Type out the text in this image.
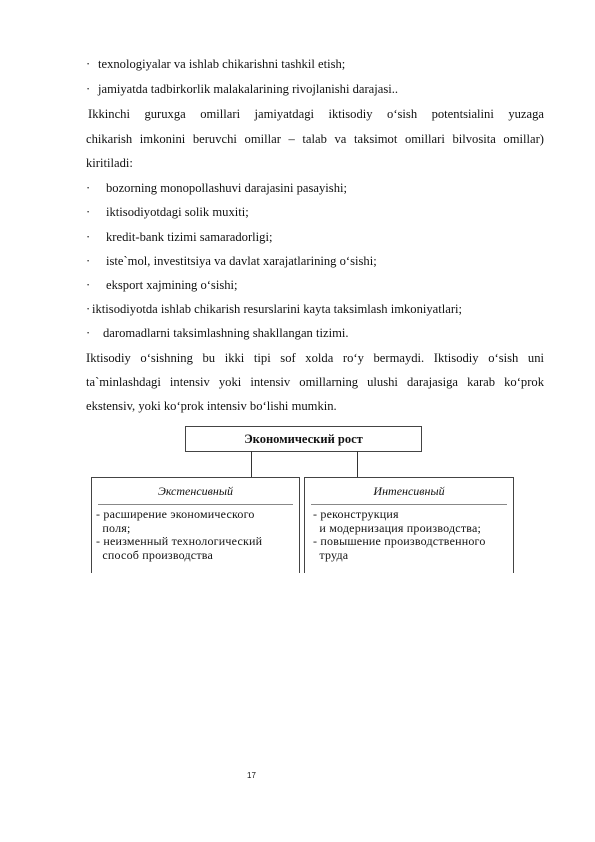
· texnologiyalar va ishlab chikarishni tashkil etish;
· jamiyatda tadbirkorlik malakalarining rivojlanishi darajasi..
Ikkinchi guruxga omillari jamiyatdagi iktisodiy o‘sish potentsialini yuzaga
chikarish imkonini beruvchi omillar – talab va taksimot omillari bilvosita omillar)
kiritiladi:
· bozorning monopollashuvi darajasini pasayishi;
· iktisodiyotdagi solik muxiti;
· kredit-bank tizimi samaradorligi;
· iste`mol, investitsiya va davlat xarajatlarining o‘sishi;
· eksport xajmining o‘sishi;
· iktisodiyotda ishlab chikarish resurslarini kayta taksimlash imkoniyatlari;
· daromadlarni taksimlashning shakllangan tizimi.
Iktisodiy o‘sishning bu ikki tipi sof xolda ro‘y bermaydi. Iktisodiy o‘sish uni
ta`minlashdagi intensiv yoki intensiv omillarning ulushi darajasiga karab ko‘prok
ekstensiv, yoki ko‘prok intensiv bo‘lishi mumkin.
Экономический рост
Экстенсивный
- расширение экономического
поля;
- неизменный технологический
способ производства
Интенсивный
- реконструкция
и модернизация производства;
- повышение производственного
труда
17
